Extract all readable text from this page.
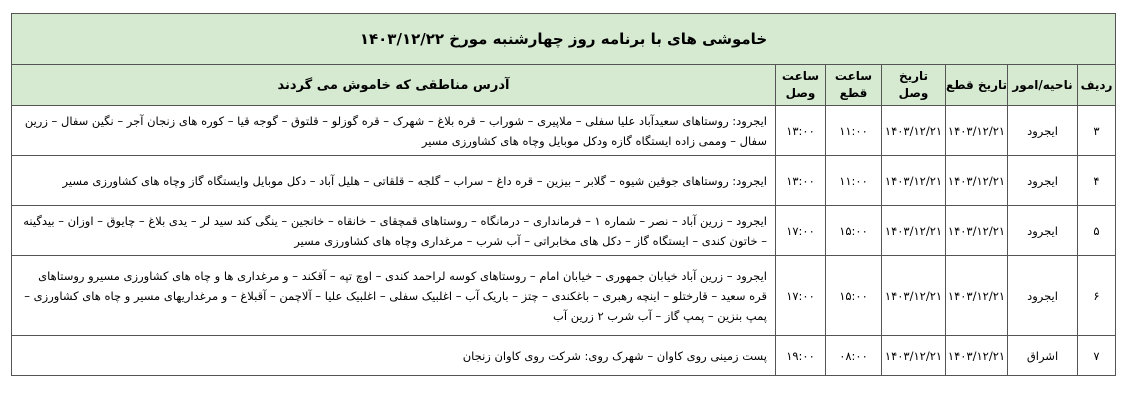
خاموشی های با برنامه روز چهارشنبه مورخ ۱۴۰۳/۱۲/۲۲						
ردیف	ناحیه/امور	تاریخ قطع	تاریخ وصل	ساعت قطع	ساعت وصل	آدرس مناطقی که خاموش می گردند
۳	ایجرود	۱۴۰۳/۱۲/۲۱	۱۴۰۳/۱۲/۲۱	۱۱:۰۰	۱۳:۰۰	ایجرود: روستاهای سعیدآباد علیا سفلی – ملاپیری – شوراب – قره بلاغ – شهرک – قره گوزلو – قلتوق – گوجه قیا – کوره های زنجان آجر – نگین سفال – زرین سفال – وممی زاده ایستگاه گازه ودکل موبایل وچاه های کشاورزی مسیر
۴	ایجرود	۱۴۰۳/۱۲/۲۱	۱۴۰۳/۱۲/۲۱	۱۱:۰۰	۱۳:۰۰	ایجرود: روستاهای جوقین شیوه – گلابر – بیزین – قره داغ – سراب – گلجه – قلقاتی – هلیل آباد – دکل موبایل وایستگاه گاز وچاه های کشاورزی مسیر
۵	ایجرود	۱۴۰۳/۱۲/۲۱	۱۴۰۳/۱۲/۲۱	۱۵:۰۰	۱۷:۰۰	ایجرود – زرین آباد – نصر – شماره ۱ – فرمانداری – درمانگاه – روستاهای قمچقای – خانقاه – خانجین – ینگی کند سید لر – یدی بلاغ – چایوق – اوزان – بیدگینه – خاتون کندی – ایستگاه گاز – دکل های مخابراتی – آب شرب – مرغداری وچاه های کشاورزی مسیر
۶	ایجرود	۱۴۰۳/۱۲/۲۱	۱۴۰۳/۱۲/۲۱	۱۵:۰۰	۱۷:۰۰	ایجرود – زرین آباد خیابان جمهوری – خیابان امام – روستاهای کوسه لراحمد کندی – اوچ تپه – آقکند – و مرغداری ها و چاه های کشاورزی مسیرو روستاهای قره سعید – قارختلو – اینچه رهبری – باغکندی – چتز – باریک آب – اغلبیک سفلی – اغلبیک علیا – آلاچمن – آقبلاغ – و مرغداریهای مسیر و چاه های کشاورزی – پمپ بنزین – پمپ گاز – آب شرب ۲ زرین آب
۷	اشراق	۱۴۰۳/۱۲/۲۱	۱۴۰۳/۱۲/۲۱	۰۸:۰۰	۱۹:۰۰	پست زمینی روی کاوان – شهرک روی: شرکت روی کاوان زنجان
